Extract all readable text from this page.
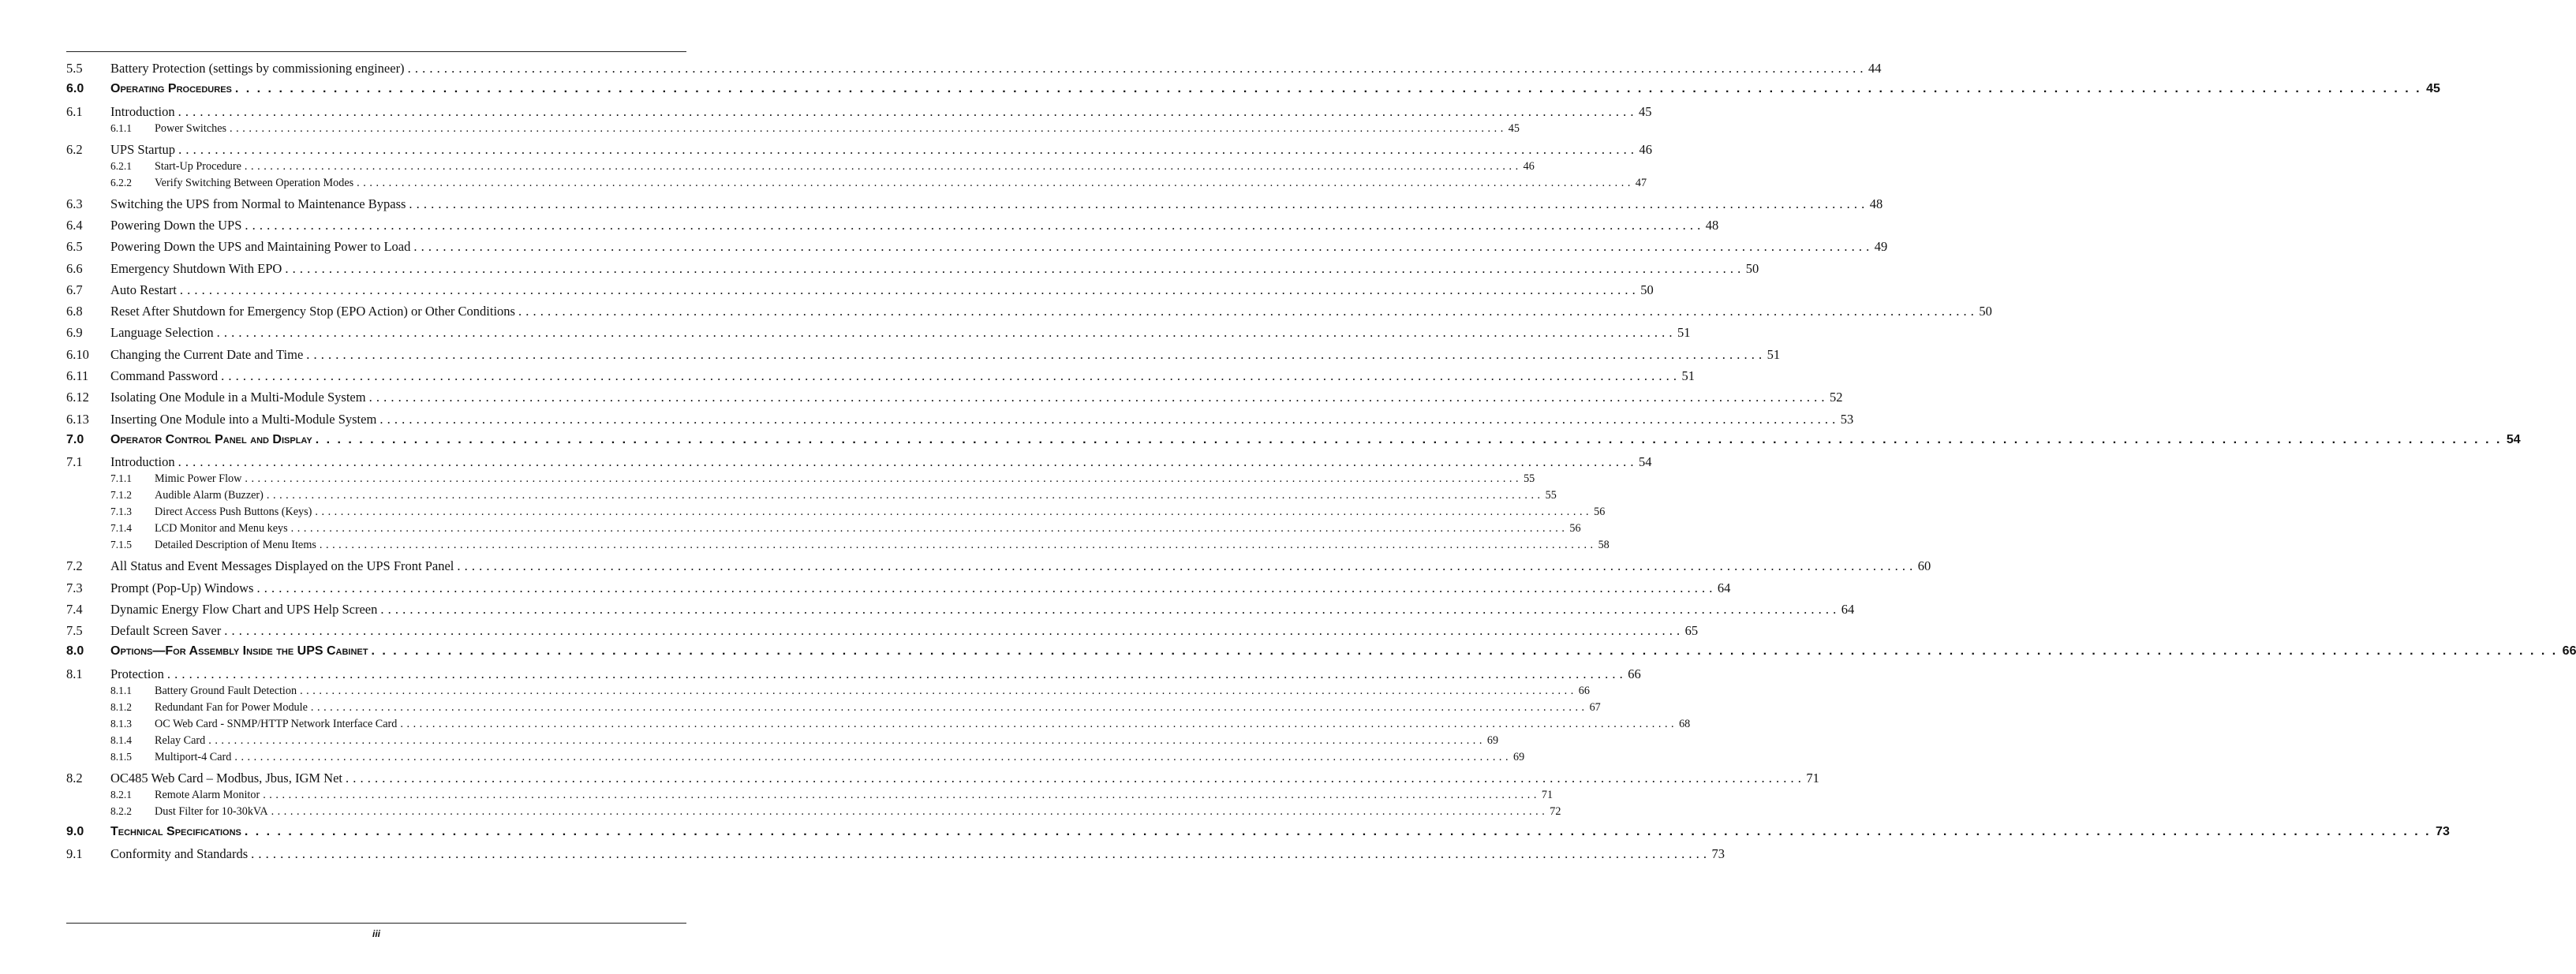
5.5	Battery Protection (settings by commissioning engineer) . . . . . . . . . . . . . . . . . . . . . . . . . . . . . . . . . . . . . . . . . . . . . . . . . . . . . . . . . . . . . . . . . . . . . . . . . . . . . . . . . . . . . . . . . . . . . . . . . . . . . . . . . . . . . . . . . . . . . . . . . . . . . . . . . . . . . . . . . . . . . . . . . . . . . . . . . . . . . . . . . . . . . . . . . . . . . . . . . . . . . . . . . . . . . . . . . . . . . . . . 44
6.0	Operating Procedures . . . . . . . . . . . . . . . . . . . . . . . . . . . . . . . . . . . . . . . . . . . . . . . . . . . . . . . . . . . . . . . . . . . . . . . . . . . . . . . . . . . . . . . . . . . . . . . . . . . . . . . . . . . . . . . . . . . . . . . . . . . . . . . . . . . . . . . . . . . . . . . . . . . . . . . . . . . . . . . . . . . . . . . . . . . . . . . . . . . . . . . . . . . . . . . . . . . . . . . . 45
6.1	Introduction . . . . . . . . . . . . . . . . . . . . . . . . . . . . . . . . . . . . . . . . . . . . . . . . . . . . . . . . . . . . . . . . . . . . . . . . . . . . . . . . . . . . . . . . . . . . . . . . . . . . . . . . . . . . . . . . . . . . . . . . . . . . . . . . . . . . . . . . . . . . . . . . . . . . . . . . . . . . . . . . . . . . . . . . . . . . . . . . . . . . . . . . . . . . . . . . . . . . . . . . 45
6.1.1	Power Switches . . . . . . . . . . . . . . . . . . . . . . . . . . . . . . . . . . . . . . . . . . . . . . . . . . . . . . . . . . . . . . . . . . . . . . . . . . . . . . . . . . . . . . . . . . . . . . . . . . . . . . . . . . . . . . . . . . . . . . . . . . . . . . . . . . . . . . . . . . . . . . . . . . . . . . . . . . . . . . . . . . . . . . . . . . . . . . . . . . . . . . . . . . . . . . . . . . . . . . . . 45
6.2	UPS Startup . . . . . . . . . . . . . . . . . . . . . . . . . . . . . . . . . . . . . . . . . . . . . . . . . . . . . . . . . . . . . . . . . . . . . . . . . . . . . . . . . . . . . . . . . . . . . . . . . . . . . . . . . . . . . . . . . . . . . . . . . . . . . . . . . . . . . . . . . . . . . . . . . . . . . . . . . . . . . . . . . . . . . . . . . . . . . . . . . . . . . . . . . . . . . . . . . . . . . . . . 46
6.2.1	Start-Up Procedure . . . . . . . . . . . . . . . . . . . . . . . . . . . . . . . . . . . . . . . . . . . . . . . . . . . . . . . . . . . . . . . . . . . . . . . . . . . . . . . . . . . . . . . . . . . . . . . . . . . . . . . . . . . . . . . . . . . . . . . . . . . . . . . . . . . . . . . . . . . . . . . . . . . . . . . . . . . . . . . . . . . . . . . . . . . . . . . . . . . . . . . . . . . . . . . . . . . . . . . . 46
6.2.2	Verify Switching Between Operation Modes . . . . . . . . . . . . . . . . . . . . . . . . . . . . . . . . . . . . . . . . . . . . . . . . . . . . . . . . . . . . . . . . . . . . . . . . . . . . . . . . . . . . . . . . . . . . . . . . . . . . . . . . . . . . . . . . . . . . . . . . . . . . . . . . . . . . . . . . . . . . . . . . . . . . . . . . . . . . . . . . . . . . . . . . . . . . . . . . . . . . . . . . . . . . . . . . . . . . . . . . 47
6.3	Switching the UPS from Normal to Maintenance Bypass . . . . . . . . . . . . . . . . . . . . . . . . . . . . . . . . . . . . . . . . . . . . . . . . . . . . . . . . . . . . . . . . . . . . . . . . . . . . . . . . . . . . . . . . . . . . . . . . . . . . . . . . . . . . . . . . . . . . . . . . . . . . . . . . . . . . . . . . . . . . . . . . . . . . . . . . . . . . . . . . . . . . . . . . . . . . . . . . . . . . . . . . . . . . . . . . . . . . . . . . 48
6.4	Powering Down the UPS . . . . . . . . . . . . . . . . . . . . . . . . . . . . . . . . . . . . . . . . . . . . . . . . . . . . . . . . . . . . . . . . . . . . . . . . . . . . . . . . . . . . . . . . . . . . . . . . . . . . . . . . . . . . . . . . . . . . . . . . . . . . . . . . . . . . . . . . . . . . . . . . . . . . . . . . . . . . . . . . . . . . . . . . . . . . . . . . . . . . . . . . . . . . . . . . . . . . . . . . 48
6.5	Powering Down the UPS and Maintaining Power to Load . . . . . . . . . . . . . . . . . . . . . . . . . . . . . . . . . . . . . . . . . . . . . . . . . . . . . . . . . . . . . . . . . . . . . . . . . . . . . . . . . . . . . . . . . . . . . . . . . . . . . . . . . . . . . . . . . . . . . . . . . . . . . . . . . . . . . . . . . . . . . . . . . . . . . . . . . . . . . . . . . . . . . . . . . . . . . . . . . . . . . . . . . . . . . . . . . . . . . . . . 49
6.6	Emergency Shutdown With EPO . . . . . . . . . . . . . . . . . . . . . . . . . . . . . . . . . . . . . . . . . . . . . . . . . . . . . . . . . . . . . . . . . . . . . . . . . . . . . . . . . . . . . . . . . . . . . . . . . . . . . . . . . . . . . . . . . . . . . . . . . . . . . . . . . . . . . . . . . . . . . . . . . . . . . . . . . . . . . . . . . . . . . . . . . . . . . . . . . . . . . . . . . . . . . . . . . . . . . . . . 50
6.7	Auto Restart . . . . . . . . . . . . . . . . . . . . . . . . . . . . . . . . . . . . . . . . . . . . . . . . . . . . . . . . . . . . . . . . . . . . . . . . . . . . . . . . . . . . . . . . . . . . . . . . . . . . . . . . . . . . . . . . . . . . . . . . . . . . . . . . . . . . . . . . . . . . . . . . . . . . . . . . . . . . . . . . . . . . . . . . . . . . . . . . . . . . . . . . . . . . . . . . . . . . . . . . 50
6.8	Reset After Shutdown for Emergency Stop (EPO Action) or Other Conditions . . . . . . . . . . . . . . . . . . . . . . . . . . . . . . . . . . . . . . . . . . . . . . . . . . . . . . . . . . . . . . . . . . . . . . . . . . . . . . . . . . . . . . . . . . . . . . . . . . . . . . . . . . . . . . . . . . . . . . . . . . . . . . . . . . . . . . . . . . . . . . . . . . . . . . . . . . . . . . . . . . . . . . . . . . . . . . . . . . . . . . . . . . . . . . . . . . . . . . . . 50
6.9	Language Selection . . . . . . . . . . . . . . . . . . . . . . . . . . . . . . . . . . . . . . . . . . . . . . . . . . . . . . . . . . . . . . . . . . . . . . . . . . . . . . . . . . . . . . . . . . . . . . . . . . . . . . . . . . . . . . . . . . . . . . . . . . . . . . . . . . . . . . . . . . . . . . . . . . . . . . . . . . . . . . . . . . . . . . . . . . . . . . . . . . . . . . . . . . . . . . . . . . . . . . . . 51
6.10	Changing the Current Date and Time . . . . . . . . . . . . . . . . . . . . . . . . . . . . . . . . . . . . . . . . . . . . . . . . . . . . . . . . . . . . . . . . . . . . . . . . . . . . . . . . . . . . . . . . . . . . . . . . . . . . . . . . . . . . . . . . . . . . . . . . . . . . . . . . . . . . . . . . . . . . . . . . . . . . . . . . . . . . . . . . . . . . . . . . . . . . . . . . . . . . . . . . . . . . . . . . . . . . . . . . 51
6.11	Command Password . . . . . . . . . . . . . . . . . . . . . . . . . . . . . . . . . . . . . . . . . . . . . . . . . . . . . . . . . . . . . . . . . . . . . . . . . . . . . . . . . . . . . . . . . . . . . . . . . . . . . . . . . . . . . . . . . . . . . . . . . . . . . . . . . . . . . . . . . . . . . . . . . . . . . . . . . . . . . . . . . . . . . . . . . . . . . . . . . . . . . . . . . . . . . . . . . . . . . . . . 51
6.12	Isolating One Module in a Multi-Module System . . . . . . . . . . . . . . . . . . . . . . . . . . . . . . . . . . . . . . . . . . . . . . . . . . . . . . . . . . . . . . . . . . . . . . . . . . . . . . . . . . . . . . . . . . . . . . . . . . . . . . . . . . . . . . . . . . . . . . . . . . . . . . . . . . . . . . . . . . . . . . . . . . . . . . . . . . . . . . . . . . . . . . . . . . . . . . . . . . . . . . . . . . . . . . . . . . . . . . . . 52
6.13	Inserting One Module into a Multi-Module System . . . . . . . . . . . . . . . . . . . . . . . . . . . . . . . . . . . . . . . . . . . . . . . . . . . . . . . . . . . . . . . . . . . . . . . . . . . . . . . . . . . . . . . . . . . . . . . . . . . . . . . . . . . . . . . . . . . . . . . . . . . . . . . . . . . . . . . . . . . . . . . . . . . . . . . . . . . . . . . . . . . . . . . . . . . . . . . . . . . . . . . . . . . . . . . . . . . . . . . . 53
7.0	Operator Control Panel and Display . . . . . . . . . . . . . . . . . . . . . . . . . . . . . . . . . . . . . . . . . . . . . . . . . . . . . . . . . . . . . . . . . . . . . . . . . . . . . . . . . . . . . . . . . . . . . . . . . . . . . . . . . . . . . . . . . . . . . . . . . . . . . . . . . . . . . . . . . . . . . . . . . . . . . . . . . . . . . . . . . . . . . . . . . . . . . . . . . . . . . . . . . . . . . . . . . . . . . . . . 54
7.1	Introduction . . . . . . . . . . . . . . . . . . . . . . . . . . . . . . . . . . . . . . . . . . . . . . . . . . . . . . . . . . . . . . . . . . . . . . . . . . . . . . . . . . . . . . . . . . . . . . . . . . . . . . . . . . . . . . . . . . . . . . . . . . . . . . . . . . . . . . . . . . . . . . . . . . . . . . . . . . . . . . . . . . . . . . . . . . . . . . . . . . . . . . . . . . . . . . . . . . . . . . . . 54
7.1.1	Mimic Power Flow . . . . . . . . . . . . . . . . . . . . . . . . . . . . . . . . . . . . . . . . . . . . . . . . . . . . . . . . . . . . . . . . . . . . . . . . . . . . . . . . . . . . . . . . . . . . . . . . . . . . . . . . . . . . . . . . . . . . . . . . . . . . . . . . . . . . . . . . . . . . . . . . . . . . . . . . . . . . . . . . . . . . . . . . . . . . . . . . . . . . . . . . . . . . . . . . . . . . . . . . 55
7.1.2	Audible Alarm (Buzzer) . . . . . . . . . . . . . . . . . . . . . . . . . . . . . . . . . . . . . . . . . . . . . . . . . . . . . . . . . . . . . . . . . . . . . . . . . . . . . . . . . . . . . . . . . . . . . . . . . . . . . . . . . . . . . . . . . . . . . . . . . . . . . . . . . . . . . . . . . . . . . . . . . . . . . . . . . . . . . . . . . . . . . . . . . . . . . . . . . . . . . . . . . . . . . . . . . . . . . . . . 55
7.1.3	Direct Access Push Buttons (Keys) . . . . . . . . . . . . . . . . . . . . . . . . . . . . . . . . . . . . . . . . . . . . . . . . . . . . . . . . . . . . . . . . . . . . . . . . . . . . . . . . . . . . . . . . . . . . . . . . . . . . . . . . . . . . . . . . . . . . . . . . . . . . . . . . . . . . . . . . . . . . . . . . . . . . . . . . . . . . . . . . . . . . . . . . . . . . . . . . . . . . . . . . . . . . . . . . . . . . . . . . 56
7.1.4	LCD Monitor and Menu keys . . . . . . . . . . . . . . . . . . . . . . . . . . . . . . . . . . . . . . . . . . . . . . . . . . . . . . . . . . . . . . . . . . . . . . . . . . . . . . . . . . . . . . . . . . . . . . . . . . . . . . . . . . . . . . . . . . . . . . . . . . . . . . . . . . . . . . . . . . . . . . . . . . . . . . . . . . . . . . . . . . . . . . . . . . . . . . . . . . . . . . . . . . . . . . . . . . . . . . . . 56
7.1.5	Detailed Description of Menu Items . . . . . . . . . . . . . . . . . . . . . . . . . . . . . . . . . . . . . . . . . . . . . . . . . . . . . . . . . . . . . . . . . . . . . . . . . . . . . . . . . . . . . . . . . . . . . . . . . . . . . . . . . . . . . . . . . . . . . . . . . . . . . . . . . . . . . . . . . . . . . . . . . . . . . . . . . . . . . . . . . . . . . . . . . . . . . . . . . . . . . . . . . . . . . . . . . . . . . . . . 58
7.2	All Status and Event Messages Displayed on the UPS Front Panel . . . . . . . . . . . . . . . . . . . . . . . . . . . . . . . . . . . . . . . . . . . . . . . . . . . . . . . . . . . . . . . . . . . . . . . . . . . . . . . . . . . . . . . . . . . . . . . . . . . . . . . . . . . . . . . . . . . . . . . . . . . . . . . . . . . . . . . . . . . . . . . . . . . . . . . . . . . . . . . . . . . . . . . . . . . . . . . . . . . . . . . . . . . . . . . . . . . . . . . . 60
7.3	Prompt (Pop-Up) Windows . . . . . . . . . . . . . . . . . . . . . . . . . . . . . . . . . . . . . . . . . . . . . . . . . . . . . . . . . . . . . . . . . . . . . . . . . . . . . . . . . . . . . . . . . . . . . . . . . . . . . . . . . . . . . . . . . . . . . . . . . . . . . . . . . . . . . . . . . . . . . . . . . . . . . . . . . . . . . . . . . . . . . . . . . . . . . . . . . . . . . . . . . . . . . . . . . . . . . . . . 64
7.4	Dynamic Energy Flow Chart and UPS Help Screen . . . . . . . . . . . . . . . . . . . . . . . . . . . . . . . . . . . . . . . . . . . . . . . . . . . . . . . . . . . . . . . . . . . . . . . . . . . . . . . . . . . . . . . . . . . . . . . . . . . . . . . . . . . . . . . . . . . . . . . . . . . . . . . . . . . . . . . . . . . . . . . . . . . . . . . . . . . . . . . . . . . . . . . . . . . . . . . . . . . . . . . . . . . . . . . . . . . . . . . . 64
7.5	Default Screen Saver . . . . . . . . . . . . . . . . . . . . . . . . . . . . . . . . . . . . . . . . . . . . . . . . . . . . . . . . . . . . . . . . . . . . . . . . . . . . . . . . . . . . . . . . . . . . . . . . . . . . . . . . . . . . . . . . . . . . . . . . . . . . . . . . . . . . . . . . . . . . . . . . . . . . . . . . . . . . . . . . . . . . . . . . . . . . . . . . . . . . . . . . . . . . . . . . . . . . . . . . 65
8.0	Options—For Assembly Inside the UPS Cabinet . . . . . . . . . . . . . . . . . . . . . . . . . . . . . . . . . . . . . . . . . . . . . . . . . . . . . . . . . . . . . . . . . . . . . . . . . . . . . . . . . . . . . . . . . . . . . . . . . . . . . . . . . . . . . . . . . . . . . . . . . . . . . . . . . . . . . . . . . . . . . . . . . . . . . . . . . . . . . . . . . . . . . . . . . . . . . . . . . . . . . . . . . . . . . . . . . . . . . . . . 66
8.1	Protection . . . . . . . . . . . . . . . . . . . . . . . . . . . . . . . . . . . . . . . . . . . . . . . . . . . . . . . . . . . . . . . . . . . . . . . . . . . . . . . . . . . . . . . . . . . . . . . . . . . . . . . . . . . . . . . . . . . . . . . . . . . . . . . . . . . . . . . . . . . . . . . . . . . . . . . . . . . . . . . . . . . . . . . . . . . . . . . . . . . . . . . . . . . . . . . . . . . . . . . . 66
8.1.1	Battery Ground Fault Detection . . . . . . . . . . . . . . . . . . . . . . . . . . . . . . . . . . . . . . . . . . . . . . . . . . . . . . . . . . . . . . . . . . . . . . . . . . . . . . . . . . . . . . . . . . . . . . . . . . . . . . . . . . . . . . . . . . . . . . . . . . . . . . . . . . . . . . . . . . . . . . . . . . . . . . . . . . . . . . . . . . . . . . . . . . . . . . . . . . . . . . . . . . . . . . . . . . . . . . . . 66
8.1.2	Redundant Fan for Power Module . . . . . . . . . . . . . . . . . . . . . . . . . . . . . . . . . . . . . . . . . . . . . . . . . . . . . . . . . . . . . . . . . . . . . . . . . . . . . . . . . . . . . . . . . . . . . . . . . . . . . . . . . . . . . . . . . . . . . . . . . . . . . . . . . . . . . . . . . . . . . . . . . . . . . . . . . . . . . . . . . . . . . . . . . . . . . . . . . . . . . . . . . . . . . . . . . . . . . . . . 67
8.1.3	OC Web Card - SNMP/HTTP Network Interface Card . . . . . . . . . . . . . . . . . . . . . . . . . . . . . . . . . . . . . . . . . . . . . . . . . . . . . . . . . . . . . . . . . . . . . . . . . . . . . . . . . . . . . . . . . . . . . . . . . . . . . . . . . . . . . . . . . . . . . . . . . . . . . . . . . . . . . . . . . . . . . . . . . . . . . . . . . . . . . . . . . . . . . . . . . . . . . . . . . . . . . . . . . . . . . . . . . . . . . . . . 68
8.1.4	Relay Card . . . . . . . . . . . . . . . . . . . . . . . . . . . . . . . . . . . . . . . . . . . . . . . . . . . . . . . . . . . . . . . . . . . . . . . . . . . . . . . . . . . . . . . . . . . . . . . . . . . . . . . . . . . . . . . . . . . . . . . . . . . . . . . . . . . . . . . . . . . . . . . . . . . . . . . . . . . . . . . . . . . . . . . . . . . . . . . . . . . . . . . . . . . . . . . . . . . . . . . . 69
8.1.5	Multiport-4 Card . . . . . . . . . . . . . . . . . . . . . . . . . . . . . . . . . . . . . . . . . . . . . . . . . . . . . . . . . . . . . . . . . . . . . . . . . . . . . . . . . . . . . . . . . . . . . . . . . . . . . . . . . . . . . . . . . . . . . . . . . . . . . . . . . . . . . . . . . . . . . . . . . . . . . . . . . . . . . . . . . . . . . . . . . . . . . . . . . . . . . . . . . . . . . . . . . . . . . . . . 69
8.2	OC485 Web Card – Modbus, Jbus, IGM Net . . . . . . . . . . . . . . . . . . . . . . . . . . . . . . . . . . . . . . . . . . . . . . . . . . . . . . . . . . . . . . . . . . . . . . . . . . . . . . . . . . . . . . . . . . . . . . . . . . . . . . . . . . . . . . . . . . . . . . . . . . . . . . . . . . . . . . . . . . . . . . . . . . . . . . . . . . . . . . . . . . . . . . . . . . . . . . . . . . . . . . . . . . . . . . . . . . . . . . . . 71
8.2.1	Remote Alarm Monitor . . . . . . . . . . . . . . . . . . . . . . . . . . . . . . . . . . . . . . . . . . . . . . . . . . . . . . . . . . . . . . . . . . . . . . . . . . . . . . . . . . . . . . . . . . . . . . . . . . . . . . . . . . . . . . . . . . . . . . . . . . . . . . . . . . . . . . . . . . . . . . . . . . . . . . . . . . . . . . . . . . . . . . . . . . . . . . . . . . . . . . . . . . . . . . . . . . . . . . . . 71
8.2.2	Dust Filter for 10-30kVA . . . . . . . . . . . . . . . . . . . . . . . . . . . . . . . . . . . . . . . . . . . . . . . . . . . . . . . . . . . . . . . . . . . . . . . . . . . . . . . . . . . . . . . . . . . . . . . . . . . . . . . . . . . . . . . . . . . . . . . . . . . . . . . . . . . . . . . . . . . . . . . . . . . . . . . . . . . . . . . . . . . . . . . . . . . . . . . . . . . . . . . . . . . . . . . . . . . . . . . . 72
9.0	Technical Specifications . . . . . . . . . . . . . . . . . . . . . . . . . . . . . . . . . . . . . . . . . . . . . . . . . . . . . . . . . . . . . . . . . . . . . . . . . . . . . . . . . . . . . . . . . . . . . . . . . . . . . . . . . . . . . . . . . . . . . . . . . . . . . . . . . . . . . . . . . . . . . . . . . . . . . . . . . . . . . . . . . . . . . . . . . . . . . . . . . . . . . . . . . . . . . . . . . . . . . . . . 73
9.1	Conformity and Standards . . . . . . . . . . . . . . . . . . . . . . . . . . . . . . . . . . . . . . . . . . . . . . . . . . . . . . . . . . . . . . . . . . . . . . . . . . . . . . . . . . . . . . . . . . . . . . . . . . . . . . . . . . . . . . . . . . . . . . . . . . . . . . . . . . . . . . . . . . . . . . . . . . . . . . . . . . . . . . . . . . . . . . . . . . . . . . . . . . . . . . . . . . . . . . . . . . . . . . . . 73
iii
